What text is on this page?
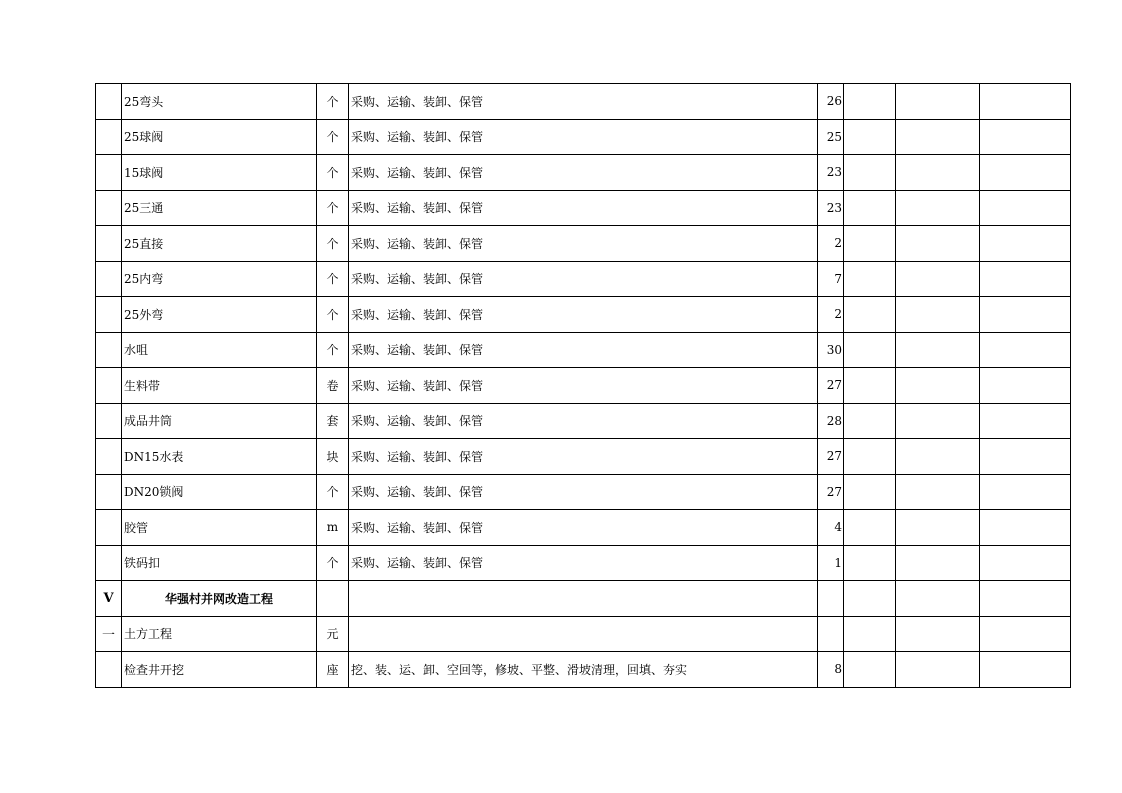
	25弯头	个	采购、运输、装卸、保管	26			
	25球阀	个	采购、运输、装卸、保管	25			
	15球阀	个	采购、运输、装卸、保管	23			
	25三通	个	采购、运输、装卸、保管	23			
	25直接	个	采购、运输、装卸、保管	2			
	25内弯	个	采购、运输、装卸、保管	7			
	25外弯	个	采购、运输、装卸、保管	2			
	水咀	个	采购、运输、装卸、保管	30			
	生料带	卷	采购、运输、装卸、保管	27			
	成品井筒	套	采购、运输、装卸、保管	28			
	DN15水表	块	采购、运输、装卸、保管	27			
	DN20锁阀	个	采购、运输、装卸、保管	27			
	胶管	m	采购、运输、装卸、保管	4			
	铁码扣	个	采购、运输、装卸、保管	1			
V	华强村并网改造工程						
一	土方工程	元					
	检查井开挖	座	挖、装、运、卸、空回等，修坡、平整、滑坡清理，回填、夯实	8			
